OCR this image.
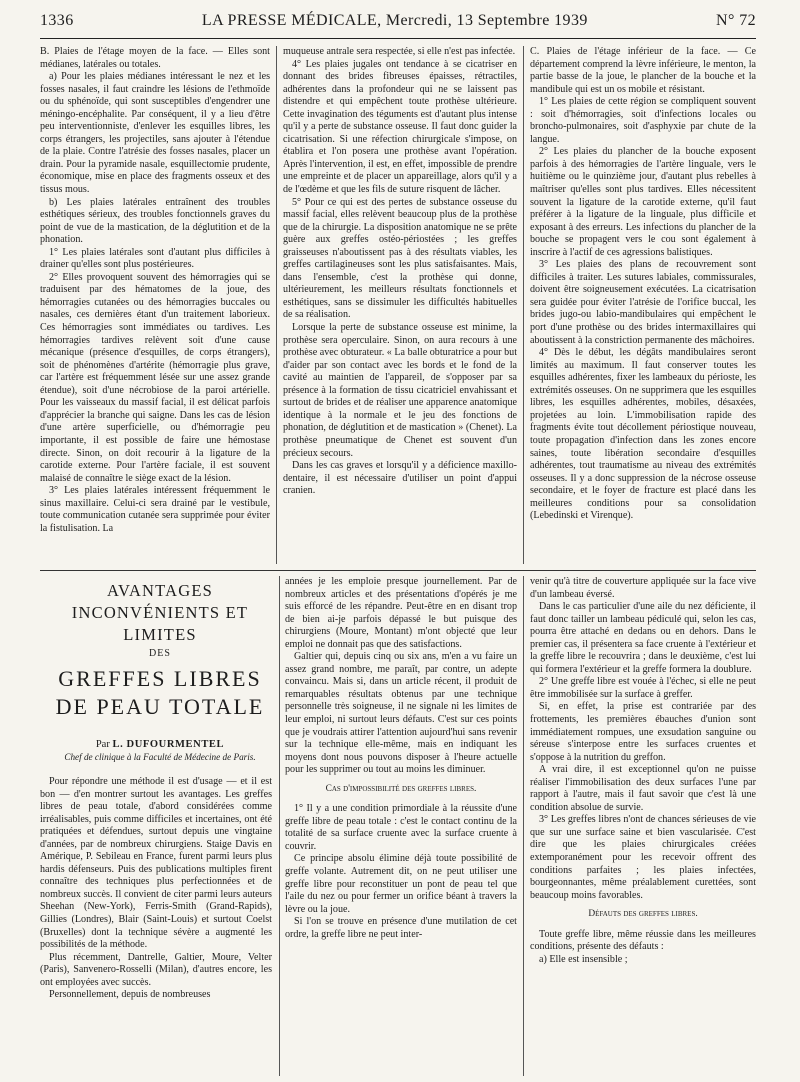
1336	LA PRESSE MÉDICALE, Mercredi, 13 Septembre 1939	N° 72

B. Plaies de l'étage moyen de la face. — Elles sont médianes, latérales ou totales.

a) Pour les plaies médianes intéressant le nez et les fosses nasales, il faut craindre les lésions de l'ethmoïde ou du sphénoïde, qui sont susceptibles d'engendrer une méningo-encéphalite. Par conséquent, il y a lieu d'être peu interventionniste, d'enlever les esquilles libres, les corps étrangers, les projectiles, sans ajouter à l'étendue de la plaie. Contre l'atrésie des fosses nasales, placer un drain. Pour la pyramide nasale, esquillectomie prudente, économique, mise en place des fragments osseux et des tissus mous.

b) Les plaies latérales entraînent des troubles esthétiques sérieux, des troubles fonctionnels graves du point de vue de la mastication, de la déglutition et de la phonation.

1° Les plaies latérales sont d'autant plus difficiles à drainer qu'elles sont plus postérieures.

2° Elles provoquent souvent des hémorragies qui se traduisent par des hématomes de la joue, des hémorragies cutanées ou des hémorragies buccales ou nasales, ces dernières étant d'un traitement laborieux. Ces hémorragies sont immédiates ou tardives. Les hémorragies tardives relèvent soit d'une cause mécanique (présence d'esquilles, de corps étrangers), soit de phénomènes d'artérite (hémorragie plus grave, car l'artère est fréquemment lésée sur une assez grande étendue), soit d'une nécrobiose de la paroi artérielle. Pour les vaisseaux du massif facial, il est délicat parfois d'apprécier la branche qui saigne. Dans les cas de lésion d'une artère superficielle, ou d'hémorragie peu importante, il est possible de faire une hémostase directe. Sinon, on doit recourir à la ligature de la carotide externe. Pour l'artère faciale, il est souvent malaisé de connaître le siège exact de la lésion.

3° Les plaies latérales intéressent fréquemment le sinus maxillaire. Celui-ci sera drainé par le vestibule, toute communication cutanée sera supprimée pour éviter la fistulisation. La

muqueuse antrale sera respectée, si elle n'est pas infectée.

4° Les plaies jugales ont tendance à se cicatriser en donnant des brides fibreuses épaisses, rétractiles, adhérentes dans la profondeur qui ne se laissent pas distendre et qui empêchent toute prothèse ultérieure. Cette invagination des téguments est d'autant plus intense qu'il y a perte de substance osseuse. Il faut donc guider la cicatrisation. Si une réfection chirurgicale s'impose, on établira et l'on posera une prothèse avant l'opération. Après l'intervention, il est, en effet, impossible de prendre une empreinte et de placer un appareillage, alors qu'il y a de l'œdème et que les fils de suture risquent de lâcher.

5° Pour ce qui est des pertes de substance osseuse du massif facial, elles relèvent beaucoup plus de la prothèse que de la chirurgie. La disposition anatomique ne se prête guère aux greffes ostéo-périostées ; les greffes graisseuses n'aboutissent pas à des résultats viables, les greffes cartilagineuses sont les plus satisfaisantes. Mais, dans l'ensemble, c'est la prothèse qui donne, ultérieurement, les meilleurs résultats fonctionnels et esthétiques, sans se dissimuler les difficultés habituelles de sa réalisation.

Lorsque la perte de substance osseuse est minime, la prothèse sera operculaire. Sinon, on aura recours à une prothèse avec obturateur. « La balle obturatrice a pour but d'aider par son contact avec les bords et le fond de la cavité au maintien de l'appareil, de s'opposer par sa présence à la formation de tissu cicatriciel envahissant et surtout de brides et de réaliser une apparence anatomique identique à la normale et le jeu des fonctions de phonation, de déglutition et de mastication » (Chenet). La prothèse pneumatique de Chenet est souvent d'un précieux secours.

Dans les cas graves et lorsqu'il y a déficience maxillo-dentaire, il est nécessaire d'utiliser un point d'appui cranien.

C. Plaies de l'étage inférieur de la face. — Ce département comprend la lèvre inférieure, le menton, la partie basse de la joue, le plancher de la bouche et la mandibule qui est un os mobile et résistant.

1° Les plaies de cette région se compliquent souvent : soit d'hémorragies, soit d'infections locales ou broncho-pulmonaires, soit d'asphyxie par chute de la langue.

2° Les plaies du plancher de la bouche exposent parfois à des hémorragies de l'artère linguale, vers le huitième ou le quinzième jour, d'autant plus rebelles à maîtriser qu'elles sont plus tardives. Elles nécessitent souvent la ligature de la carotide externe, qu'il faut préférer à la ligature de la linguale, plus difficile et exposant à des erreurs. Les infections du plancher de la bouche se propagent vers le cou sont également à inscrire à l'actif de ces agressions balistiques.

3° Les plaies des plans de recouvrement sont difficiles à traiter. Les sutures labiales, commissurales, doivent être soigneusement exécutées. La cicatrisation sera guidée pour éviter l'atrésie de l'orifice buccal, les brides jugo-ou labio-mandibulaires qui empêchent le port d'une prothèse ou des brides intermaxillaires qui aboutissent à la constriction permanente des mâchoires.

4° Dès le début, les dégâts mandibulaires seront limités au maximum. Il faut conserver toutes les esquilles adhérentes, fixer les lambeaux du périoste, les extrémités osseuses. On ne supprimera que les esquilles libres, les esquilles adhérentes, mobiles, désaxées, projetées au loin. L'immobilisation rapide des fragments évite tout décollement périostique nouveau, toute propagation d'infection dans les zones encore saines, toute libération secondaire d'esquilles adhérentes, tout traumatisme au niveau des extrémités osseuses. Il y a donc suppression de la nécrose osseuse secondaire, et le foyer de fracture est placé dans les meilleures conditions pour sa consolidation (Lebedinski et Virenque).

AVANTAGES
INCONVÉNIENTS ET LIMITES
DES
GREFFES LIBRES
DE PEAU TOTALE
Par L. DUFOURMENTEL
Chef de clinique à la Faculté de Médecine de Paris.

Pour répondre une méthode il est d'usage — et il est bon — d'en montrer surtout les avantages. Les greffes libres de peau totale, d'abord considérées comme irréalisables, puis comme difficiles et incertaines, ont été pratiquées et défendues, surtout depuis une vingtaine d'années, par de nombreux chirurgiens. Staige Davis en Amérique, P. Sebileau en France, furent parmi leurs plus hardis défenseurs. Puis des publications multiples firent connaître des techniques plus perfectionnées et de nombreux succès. Il convient de citer parmi leurs auteurs Sheehan (New-York), Ferris-Smith (Grand-Rapids), Gillies (Londres), Blair (Saint-Louis) et surtout Coelst (Bruxelles) dont la technique sévère a augmenté les possibilités de la méthode.

Plus récemment, Dantrelle, Galtier, Moure, Velter (Paris), Sanvenero-Rosselli (Milan), d'autres encore, les ont employées avec succès.

Personnellement, depuis de nombreuses

années je les emploie presque journellement. Par de nombreux articles et des présentations d'opérés je me suis efforcé de les répandre. Peut-être en en disant trop de bien ai-je parfois dépassé le but puisque des chirurgiens (Moure, Montant) m'ont objecté que leur emploi ne donnait pas que des satisfactions.

Galtier qui, depuis cinq ou six ans, m'en a vu faire un assez grand nombre, me paraît, par contre, un adepte convaincu. Mais si, dans un article récent, il produit de remarquables résultats obtenus par une technique personnelle très soigneuse, il ne signale ni les limites de leur emploi, ni surtout leurs défauts. C'est sur ces points que je voudrais attirer l'attention aujourd'hui sans revenir sur la technique elle-même, mais en indiquant les moyens dont nous pouvons disposer à l'heure actuelle pour les supprimer ou tout au moins les diminuer.

Cas d'impossibilité des greffes libres.

1° Il y a une condition primordiale à la réussite d'une greffe libre de peau totale : c'est le contact continu de la totalité de sa surface cruente avec la surface cruente à couvrir.

Ce principe absolu élimine déjà toute possibilité de greffe volante. Autrement dit, on ne peut utiliser une greffe libre pour reconstituer un pont de peau tel que l'aile du nez ou pour fermer un orifice béant à travers la lèvre ou la joue.

Si l'on se trouve en présence d'une mutilation de cet ordre, la greffe libre ne peut inter-

venir qu'à titre de couverture appliquée sur la face vive d'un lambeau éversé.

Dans le cas particulier d'une aile du nez déficiente, il faut donc tailler un lambeau pédiculé qui, selon les cas, pourra être attaché en dedans ou en dehors. Dans le premier cas, il présentera sa face cruente à l'extérieur et la greffe libre le recouvrira ; dans le deuxième, c'est lui qui formera l'extérieur et la greffe formera la doublure.

2° Une greffe libre est vouée à l'échec, si elle ne peut être immobilisée sur la surface à greffer.

Si, en effet, la prise est contrariée par des frottements, les premières ébauches d'union sont immédiatement rompues, une exsudation sanguine ou séreuse s'interpose entre les surfaces cruentes et s'oppose à la nutrition du greffon.

A vrai dire, il est exceptionnel qu'on ne puisse réaliser l'immobilisation des deux surfaces l'une par rapport à l'autre, mais il faut savoir que c'est là une condition absolue de survie.

3° Les greffes libres n'ont de chances sérieuses de vie que sur une surface saine et bien vascularisée. C'est dire que les plaies chirurgicales créées extemporanément pour les recevoir offrent des conditions parfaites ; les plaies infectées, bourgeonnantes, même préalablement curettées, sont beaucoup moins favorables.

Défauts des greffes libres.

Toute greffe libre, même réussie dans les meilleures conditions, présente des défauts :

a) Elle est insensible ;
